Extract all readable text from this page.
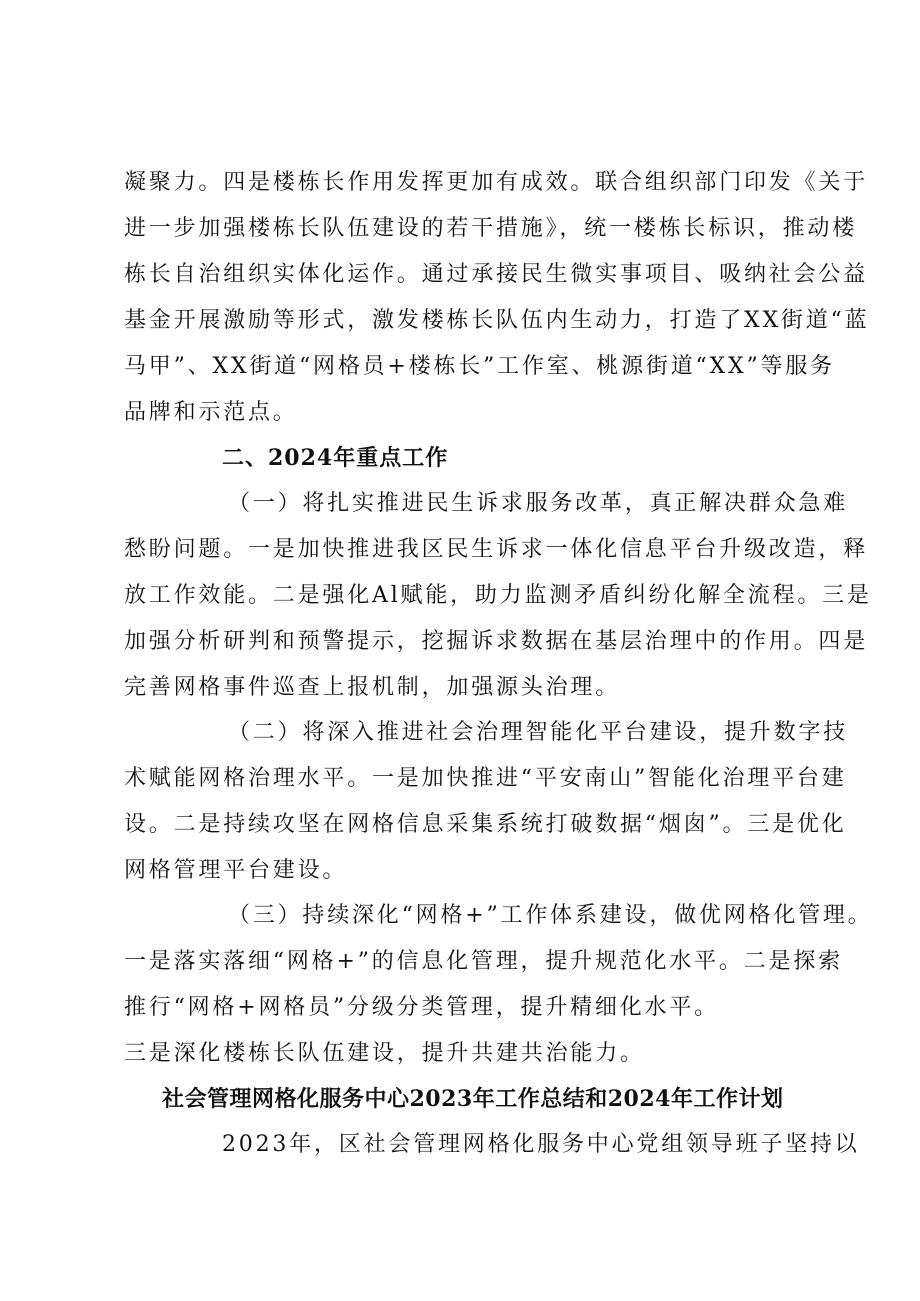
凝聚力。四是楼栋长作用发挥更加有成效。联合组织部门印发《关于
进一步加强楼栋长队伍建设的若干措施》，统一楼栋长标识，推动楼
栋长自治组织实体化运作。通过承接民生微实事项目、吸纳社会公益
基金开展激励等形式，激发楼栋长队伍内生动力，打造了XX街道“蓝
马甲”、XX街道“网格员+楼栋长”工作室、桃源街道“XX”等服务
品牌和示范点。
二、2024年重点工作
（一）将扎实推进民生诉求服务改革，真正解决群众急难
愁盼问题。一是加快推进我区民生诉求一体化信息平台升级改造，释
放工作效能。二是强化Al赋能，助力监测矛盾纠纷化解全流程。三是
加强分析研判和预警提示，挖掘诉求数据在基层治理中的作用。四是
完善网格事件巡查上报机制，加强源头治理。
（二）将深入推进社会治理智能化平台建设，提升数字技
术赋能网格治理水平。一是加快推进“平安南山”智能化治理平台建
设。二是持续攻坚在网格信息采集系统打破数据“烟囱”。三是优化
网格管理平台建设。
（三）持续深化“网格+”工作体系建设，做优网格化管理。
一是落实落细“网格+”的信息化管理，提升规范化水平。二是探索
推行“网格+网格员”分级分类管理，提升精细化水平。
三是深化楼栋长队伍建设，提升共建共治能力。
社会管理网格化服务中心2023年工作总结和2024年工作计划
2023年，区社会管理网格化服务中心党组领导班子坚持以
